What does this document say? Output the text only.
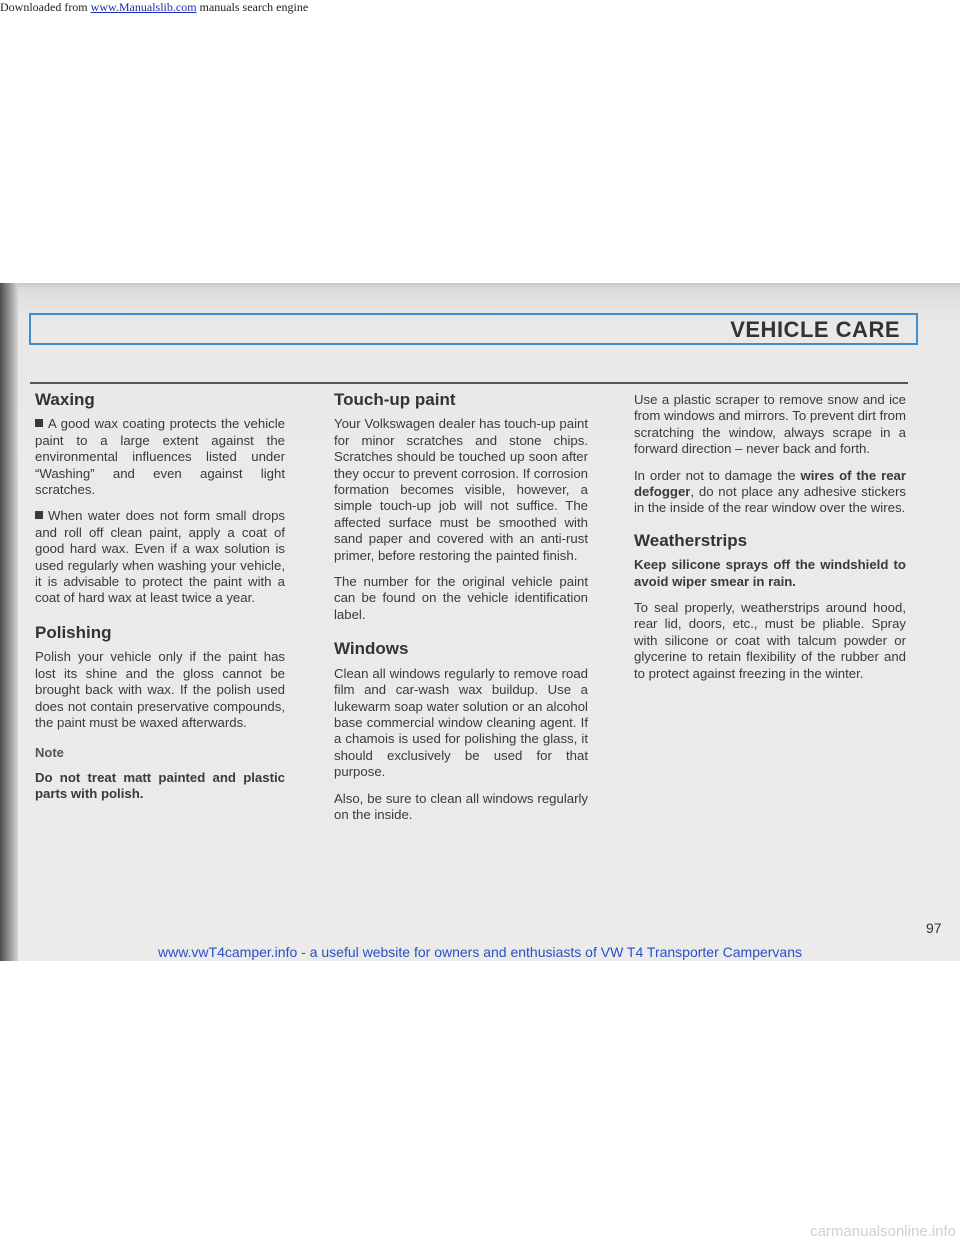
Downloaded from www.Manualslib.com manuals search engine
VEHICLE CARE
Waxing

A good wax coating protects the vehicle paint to a large extent against the environmental influences listed under “Washing” and even against light scratches.

When water does not form small drops and roll off clean paint, apply a coat of good hard wax. Even if a wax solution is used regularly when washing your vehicle, it is advisable to protect the paint with a coat of hard wax at least twice a year.

Polishing

Polish your vehicle only if the paint has lost its shine and the gloss cannot be brought back with wax. If the polish used does not contain preservative compounds, the paint must be waxed afterwards.

Note

Do not treat matt painted and plastic parts with polish.

Touch-up paint

Your Volkswagen dealer has touch-up paint for minor scratches and stone chips. Scratches should be touched up soon after they occur to prevent corrosion. If corrosion formation becomes visible, however, a simple touch-up job will not suffice. The affected surface must be smoothed with sand paper and covered with an anti-rust primer, before restoring the painted finish.

The number for the original vehicle paint can be found on the vehicle identification label.

Windows

Clean all windows regularly to remove road film and car-wash wax buildup. Use a lukewarm soap water solution or an alcohol base commercial window cleaning agent. If a chamois is used for polishing the glass, it should exclusively be used for that purpose.

Also, be sure to clean all windows regularly on the inside.

Use a plastic scraper to remove snow and ice from windows and mirrors. To prevent dirt from scratching the window, always scrape in a forward direction – never back and forth.

In order not to damage the wires of the rear defogger, do not place any adhesive stickers in the inside of the rear window over the wires.

Weatherstrips

Keep silicone sprays off the windshield to avoid wiper smear in rain.

To seal properly, weatherstrips around hood, rear lid, doors, etc., must be pliable. Spray with silicone or coat with talcum powder or glycerine to retain flexibility of the rubber and to protect against freezing in the winter.

97
www.vwT4camper.info - a useful website for owners and enthusiasts of VW T4 Transporter Campervans
carmanualsonline.info
